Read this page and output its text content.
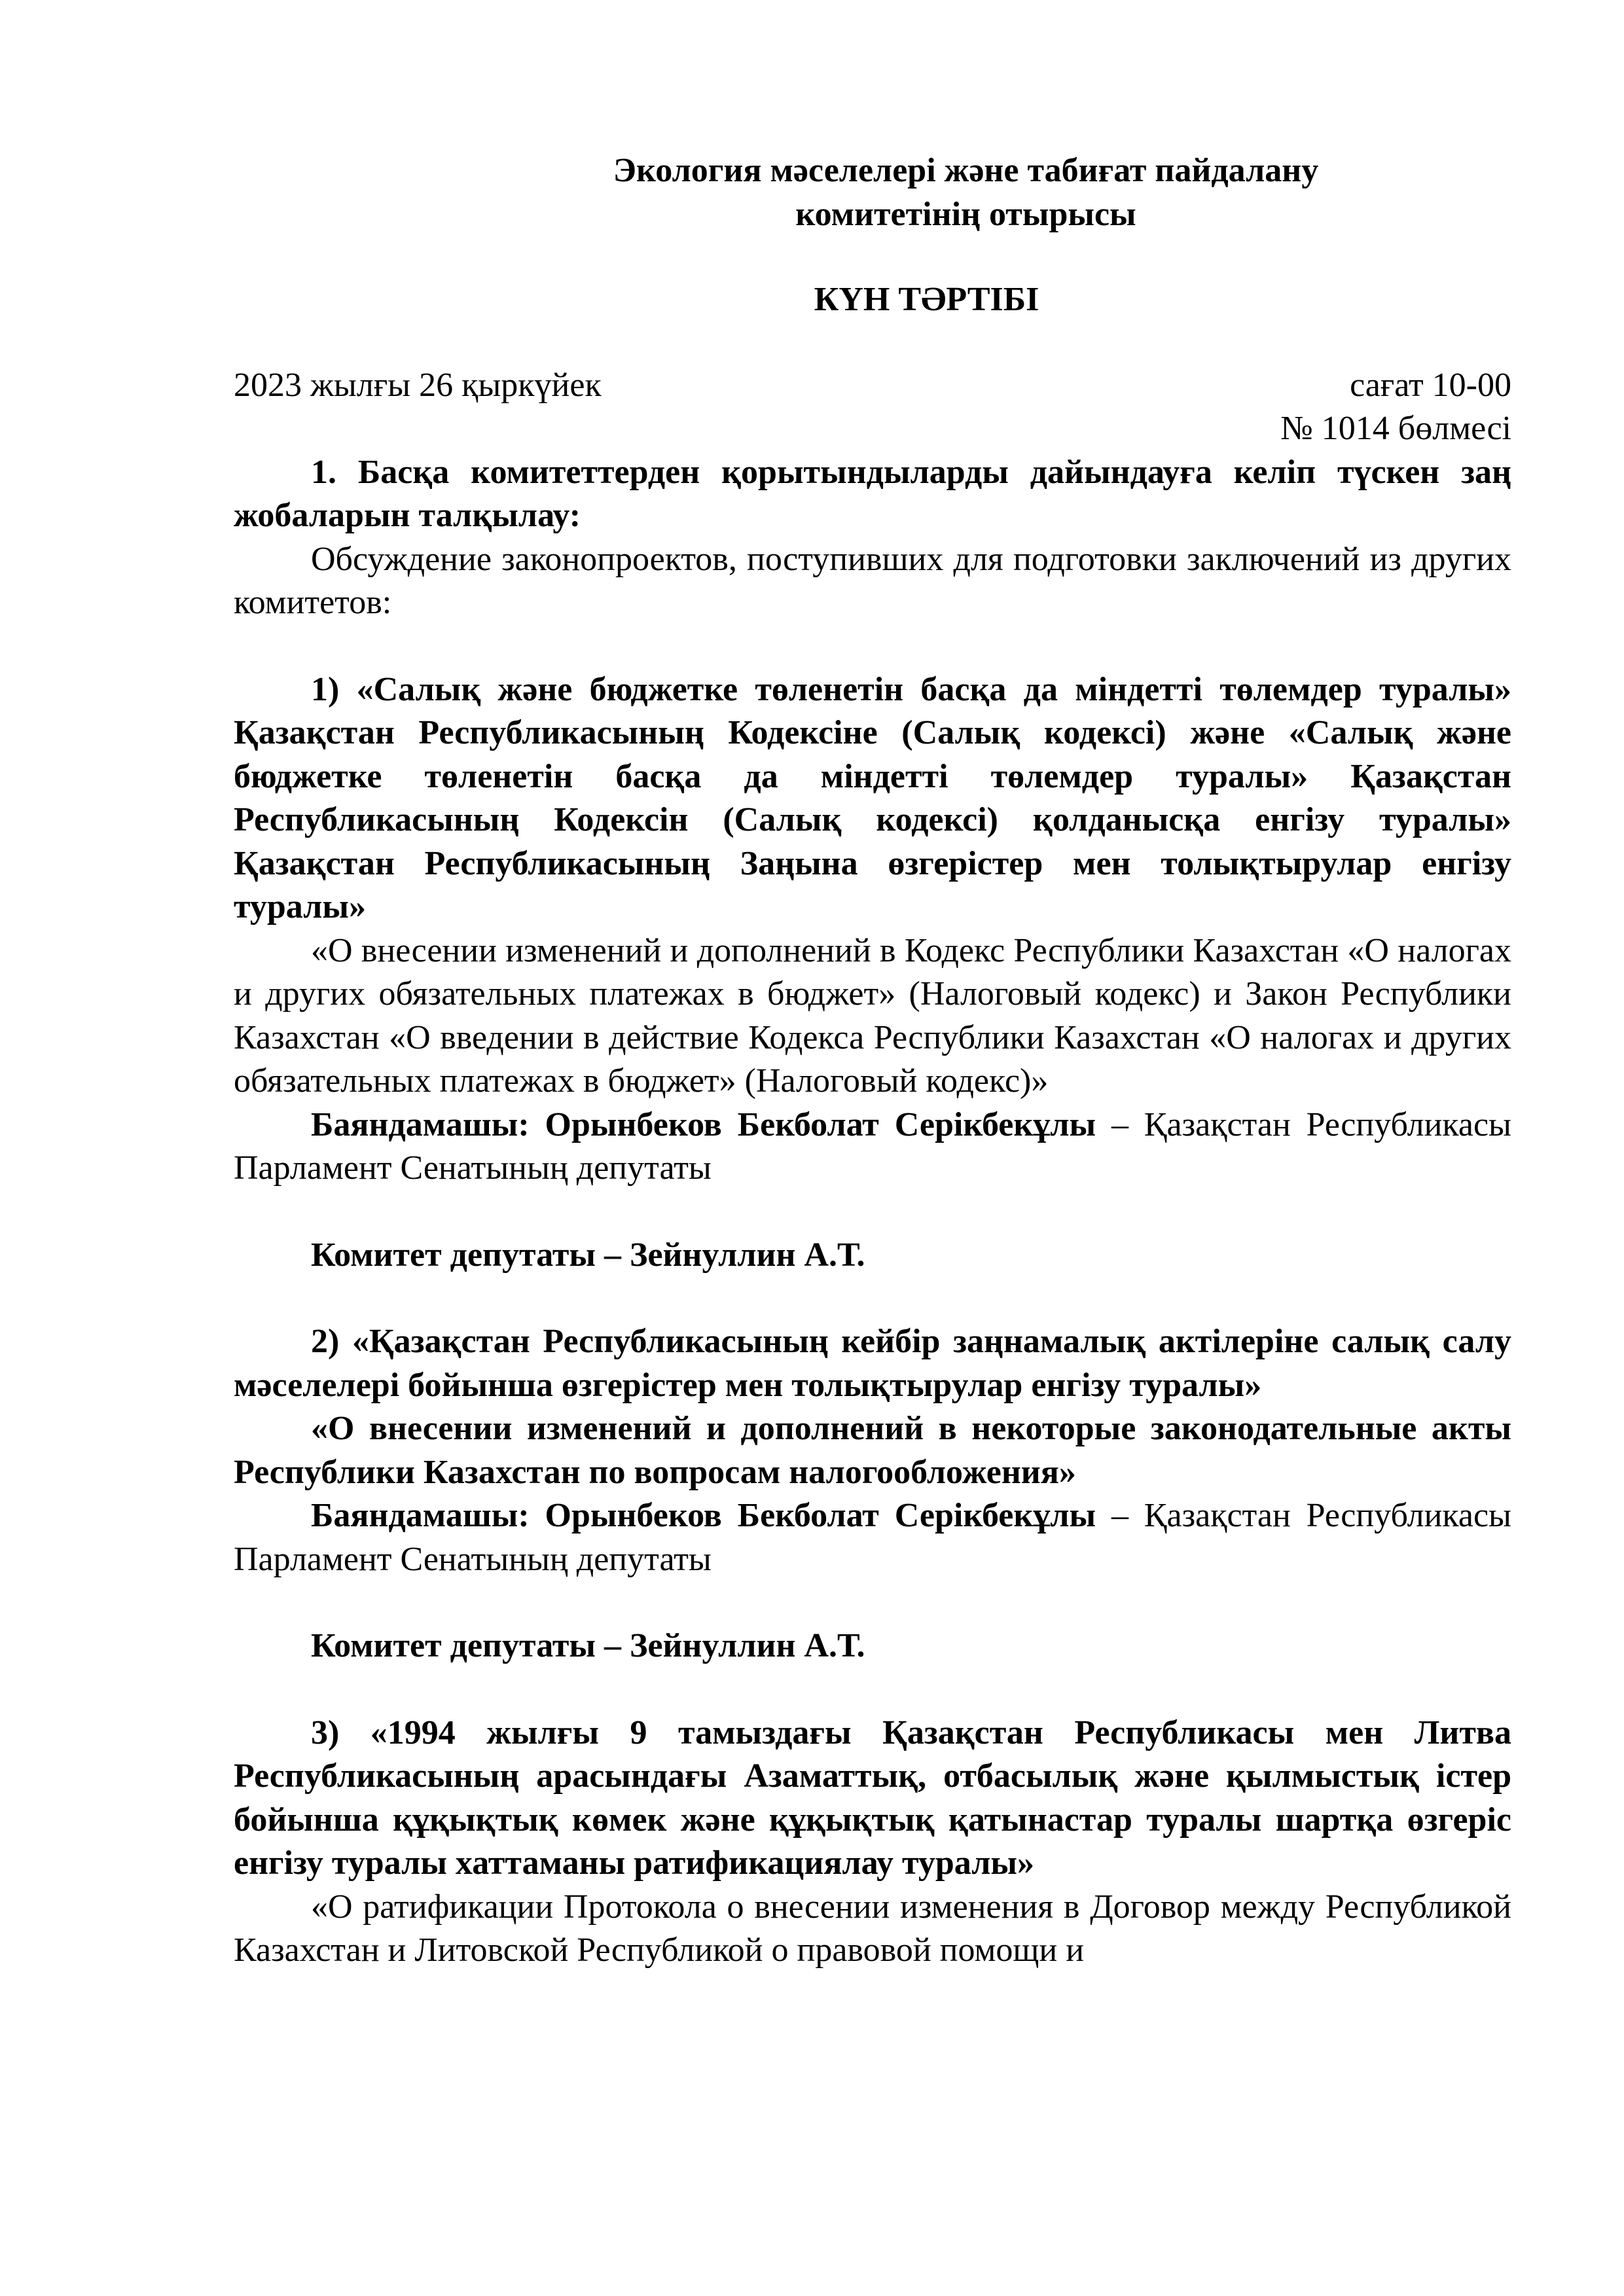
Экология мәселелері және табиғат пайдалану
комитетінің отырысы
КҮН ТӘРТІБІ
2023 жылғы 26 қыркүйек	сағат 10-00
№ 1014 бөлмесі

1. Басқа комитеттерден қорытындыларды дайындауға келіп түскен заң жобаларын талқылау:

Обсуждение законопроектов, поступивших для подготовки заключений из других комитетов:

1) «Салық және бюджетке төленетін басқа да міндетті төлемдер туралы» Қазақстан Республикасының Кодексіне (Салық кодексі) және «Салық және бюджетке төленетін басқа да міндетті төлемдер туралы» Қазақстан Республикасының Кодексін (Салық кодексі) қолданысқа енгізу туралы» Қазақстан Республикасының Заңына өзгерістер мен толықтырулар енгізу туралы»

«О внесении изменений и дополнений в Кодекс Республики Казахстан «О налогах и других обязательных платежах в бюджет» (Налоговый кодекс) и Закон Республики Казахстан «О введении в действие Кодекса Республики Казахстан «О налогах и других обязательных платежах в бюджет» (Налоговый кодекс)»

Баяндамашы: Орынбеков Бекболат Серікбекұлы – Қазақстан Республикасы Парламент Сенатының депутаты

Комитет депутаты – Зейнуллин А.Т.

2) «Қазақстан Республикасының кейбір заңнамалық актілеріне салық салу мәселелері бойынша өзгерістер мен толықтырулар енгізу туралы»

«О внесении изменений и дополнений в некоторые законодательные акты Республики Казахстан по вопросам налогообложения»

Баяндамашы: Орынбеков Бекболат Серікбекұлы – Қазақстан Республикасы Парламент Сенатының депутаты

Комитет депутаты – Зейнуллин А.Т.

3) «1994 жылғы 9 тамыздағы Қазақстан Республикасы мен Литва Республикасының арасындағы Азаматтық, отбасылық және қылмыстық істер бойынша құқықтық көмек және құқықтық қатынастар туралы шартқа өзгеріс енгізу туралы хаттаманы ратификациялау туралы»

«О ратификации Протокола о внесении изменения в Договор между Республикой Казахстан и Литовской Республикой о правовой помощи и
